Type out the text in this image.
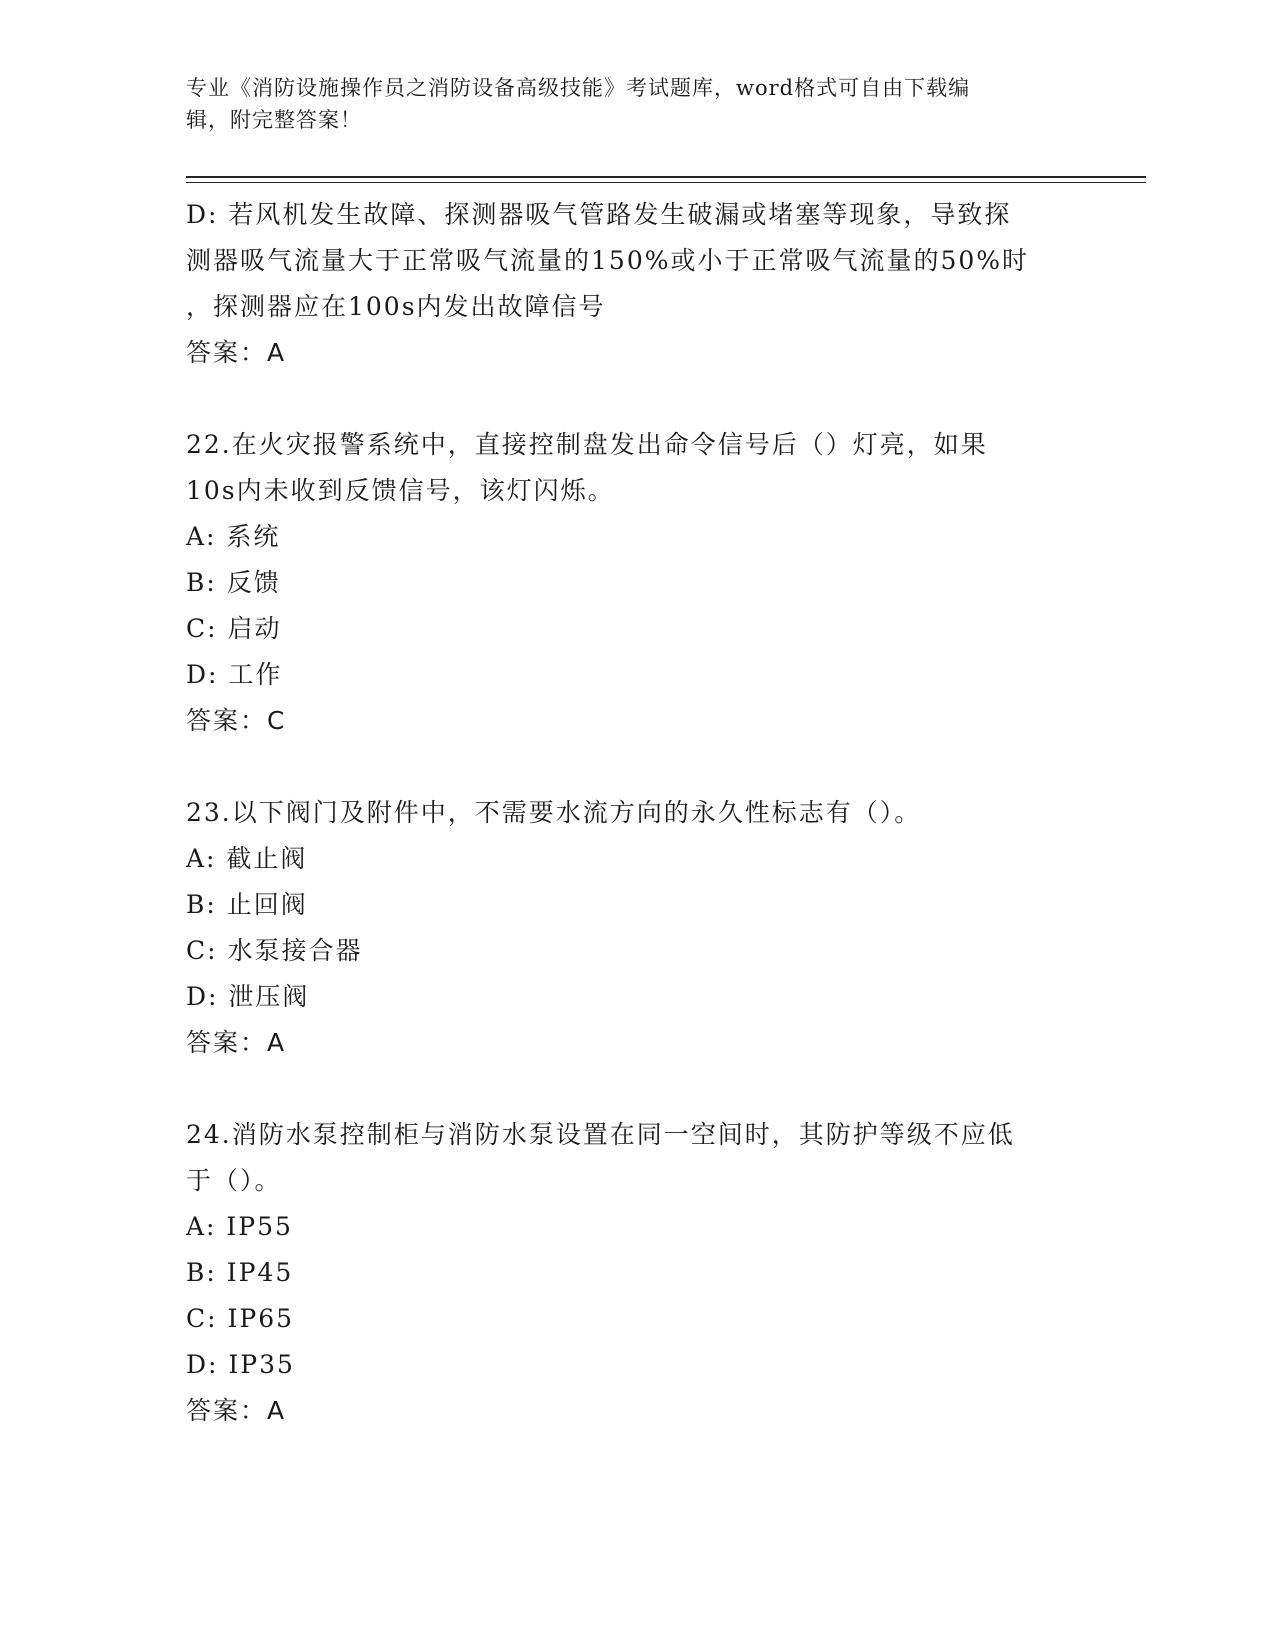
专业《消防设施操作员之消防设备高级技能》考试题库，word格式可自由下载编
辑，附完整答案！

D: 若风机发生故障、探测器吸气管路发生破漏或堵塞等现象，导致探

测器吸气流量大于正常吸气流量的150%或小于正常吸气流量的50%时

，探测器应在100s内发出故障信号

答案：A

22.在火灾报警系统中，直接控制盘发出命令信号后（）灯亮，如果

10s内未收到反馈信号，该灯闪烁。

A: 系统

B: 反馈

C: 启动

D: 工作

答案：C

23.以下阀门及附件中，不需要水流方向的永久性标志有（）。

A: 截止阀

B: 止回阀

C: 水泵接合器

D: 泄压阀

答案：A

24.消防水泵控制柜与消防水泵设置在同一空间时，其防护等级不应低

于（）。

A: IP55

B: IP45

C: IP65

D: IP35

答案：A
